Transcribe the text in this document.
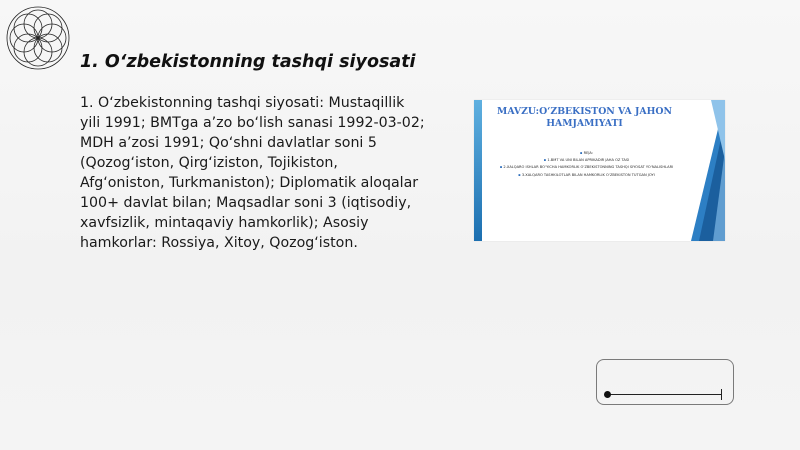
1. O‘zbekistonning tashqi siyosati

1. O‘zbekistonning tashqi siyosati: Mustaqillik yili 1991; BMTga a’zo bo‘lish sanasi 1992-03-02; MDH a’zosi 1991; Qo‘shni davlatlar soni 5 (Qozog‘iston, Qirg‘iziston, Tojikiston, Afg‘oniston, Turkmaniston); Diplomatik aloqalar 100+ davlat bilan; Maqsadlar soni 3 (iqtisodiy, xavfsizlik, mintaqaviy hamkorlik); Asosiy hamkorlar: Rossiya, Xitoy, Qozog‘iston.

MAVZU:O‘ZBEKISTON VA JAHON HAMJAMIYATI
▪ REJA:
▪ 1.BMT VA UNI BILAN APRIKADIR JAHA OZ TASI
▪ 2.XALQARO ISHLAR BO‘YICHA HAMKORLIK O‘ZBEKISTONNING TASHQI SIYOSAT YO‘NALISHLARI
▪ 3.XALQARO TASHKILOTLAR BILAN HAMKORLIK O‘ZBEKISTON TUTGAN JOYI
